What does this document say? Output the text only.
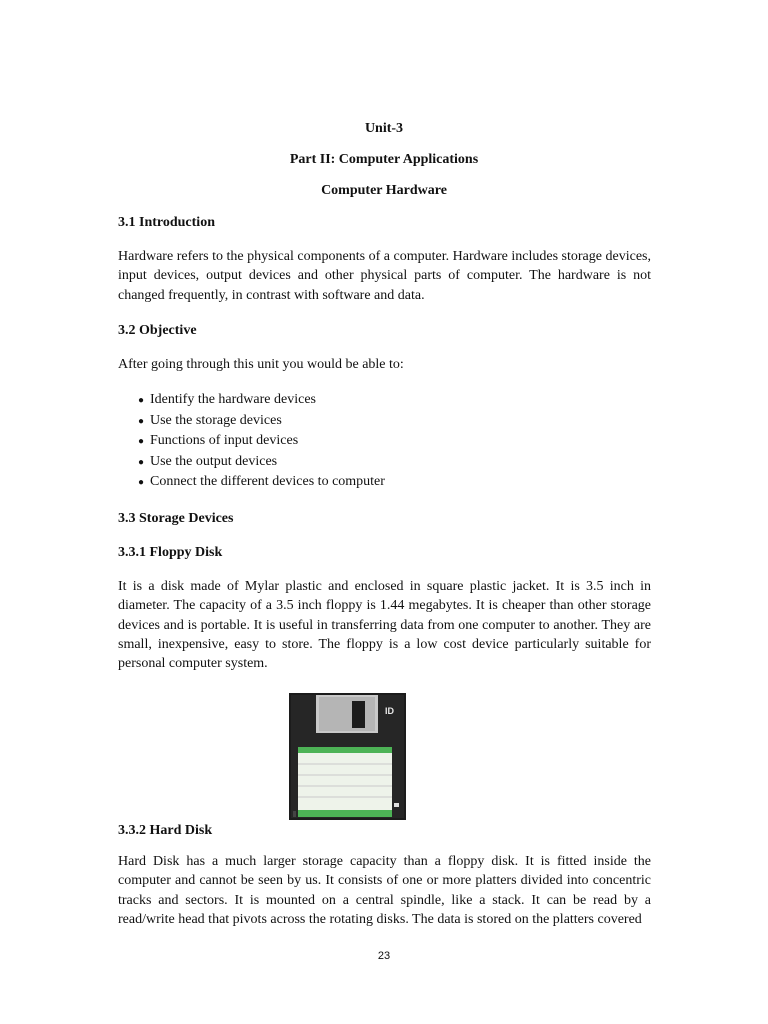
Unit-3
Part II: Computer Applications
Computer Hardware
3.1 Introduction

Hardware refers to the physical components of a computer. Hardware includes storage devices, input devices, output devices and other physical parts of computer. The hardware is not changed frequently, in contrast with software and data.

3.2 Objective

After going through this unit you would be able to:

● Identify the hardware devices
● Use the storage devices
● Functions of input devices
● Use the output devices
● Connect the different devices to computer
3.3 Storage Devices
3.3.1 Floppy Disk

It is a disk made of Mylar plastic and enclosed in square plastic jacket. It is 3.5 inch in diameter. The capacity of a 3.5 inch floppy is 1.44 megabytes. It is cheaper than other storage devices and is portable. It is useful in transferring data from one computer to another. They are small, inexpensive, easy to store. The floppy is a low cost device particularly suitable for personal computer system.

ID
3.3.2 Hard Disk

Hard Disk has a much larger storage capacity than a floppy disk. It is fitted inside the computer and cannot be seen by us. It consists of one or more platters divided into concentric tracks and sectors. It is mounted on a central spindle, like a stack. It can be read by a read/write head that pivots across the rotating disks. The data is stored on the platters covered

23
